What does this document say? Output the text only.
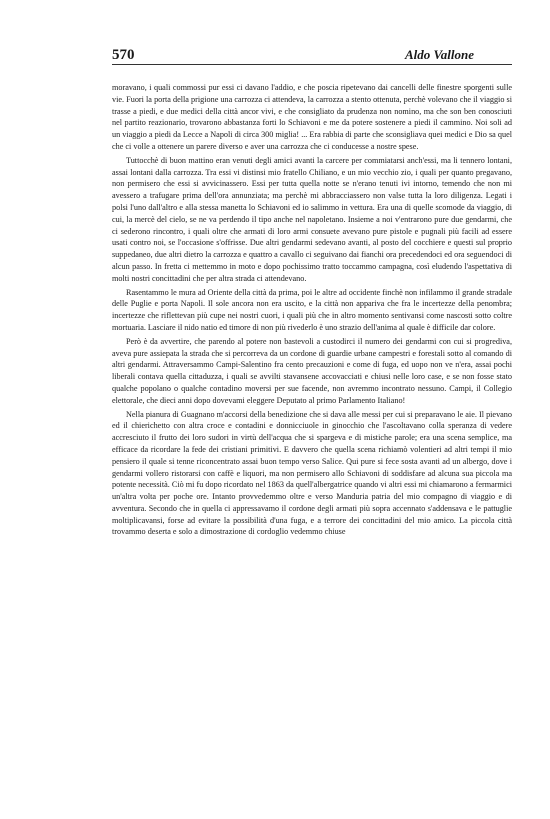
570	Aldo Vallone

moravano, i quali commossi pur essi ci davano l'addio, e che poscia ripetevano dai cancelli delle finestre sporgenti sulle vie. Fuori la porta della prigione una carrozza ci attendeva, la carrozza a stento ottenuta, perchè volevano che il viaggio si trasse a piedi, e due medici della città ancor vivi, e che consigliato da prudenza non nomino, ma che son ben conosciuti nel partito reazionario, trovarono abbastanza forti lo Schiavoni e me da potere sostenere a piedi il cammino. Noi soli ad un viaggio a piedi da Lecce a Napoli di circa 300 miglia! ... Era rabbia di parte che sconsigliava quei medici e Dio sa quel che ci volle a ottenere un parere diverso e aver una carrozza che ci conducesse a nostre spese.

Tuttocchè di buon mattino eran venuti degli amici avanti la carcere per commiatarsi anch'essi, ma li tennero lontani, assai lontani dalla carrozza. Tra essi vi distinsi mio fratello Chiliano, e un mio vecchio zio, i quali per quanto pregavano, non permisero che essi si avvicinassero. Essi per tutta quella notte se n'erano tenuti ivi intorno, temendo che non mi avessero a trafugare prima dell'ora annunziata; ma perchè mi abbracciassero non valse tutta la loro diligenza. Legati i polsi l'uno dall'altro e alla stessa manetta lo Schiavoni ed io salimmo in vettura. Era una di quelle scomode da viaggio, di cui, la mercè del cielo, se ne va perdendo il tipo anche nel napoletano. Insieme a noi v'entrarono pure due gendarmi, che ci sederono rincontro, i quali oltre che armati di loro armi consuete avevano pure pistole e pugnali più facili ad essere usati contro noi, se l'occasione s'offrisse. Due altri gendarmi sedevano avanti, al posto del cocchiere e questi sul proprio suppedaneo, due altri dietro la carrozza e quattro a cavallo ci seguivano dai fianchi ora precedendoci ed ora seguendoci di alcun passo. In fretta ci mettemmo in moto e dopo pochissimo tratto toccammo campagna, così eludendo l'aspettativa di molti nostri concittadini che per altra strada ci attendevano.

Rasentammo le mura ad Oriente della città da prima, poi le altre ad occidente finchè non infilammo il grande stradale delle Puglie e porta Napoli. Il sole ancora non era uscito, e la città non appariva che fra le incertezze della penombra; incertezze che riflettevan più cupe nei nostri cuori, i quali più che in altro momento sentivansi come nascosti sotto coltre mortuaria. Lasciare il nido natio ed timore di non più rivederlo è uno strazio dell'anima al quale è difficile dar colore.

Però è da avvertire, che parendo al potere non bastevoli a custodirci il numero dei gendarmi con cui si progrediva, aveva pure assiepata la strada che si percorreva da un cordone di guardie urbane campestri e forestali sotto al comando di altri gendarmi. Attraversammo Campi-Salentino fra cento precauzioni e come di fuga, ed uopo non ve n'era, assai pochi liberali contava quella cittaduzza, i quali se avvilti stavansene accovacciati e chiusi nelle loro case, e se non fosse stato qualche popolano o qualche contadino moversi per sue facende, non avremmo incontrato nessuno. Campi, il Collegio elettorale, che dieci anni dopo dovevami eleggere Deputato al primo Parlamento Italiano!

Nella pianura di Guagnano m'accorsi della benedizione che si dava alle messi per cui si preparavano le aie. Il pievano ed il chierichetto con altra croce e contadini e donnicciuole in ginocchio che l'ascoltavano colla speranza di vedere accresciuto il frutto dei loro sudori in virtù dell'acqua che si spargeva e di mistiche parole; era una scena semplice, ma efficace da ricordare la fede dei cristiani primitivi. E davvero che quella scena richiamò volentieri ad altri tempi il mio pensiero il quale si tenne riconcentrato assai buon tempo verso Salice. Qui pure si fece sosta avanti ad un albergo, dove i gendarmi vollero ristorarsi con caffè e liquori, ma non permisero allo Schiavoni di soddisfare ad alcuna sua piccola ma potente necessità. Ciò mi fu dopo ricordato nel 1863 da quell'albergatrice quando vi altri essi mi chiamarono a fermarmici un'altra volta per poche ore. Intanto provvedemmo oltre e verso Manduria patria del mio compagno di viaggio e di avventura. Secondo che in quella ci appressavamo il cordone degli armati più sopra accennato s'addensava e le pattuglie moltiplicavansi, forse ad evitare la possibilità d'una fuga, e a terrore dei concittadini del mio amico. La piccola città trovammo deserta e solo a dimostrazione di cordoglio vedemmo chiuse
